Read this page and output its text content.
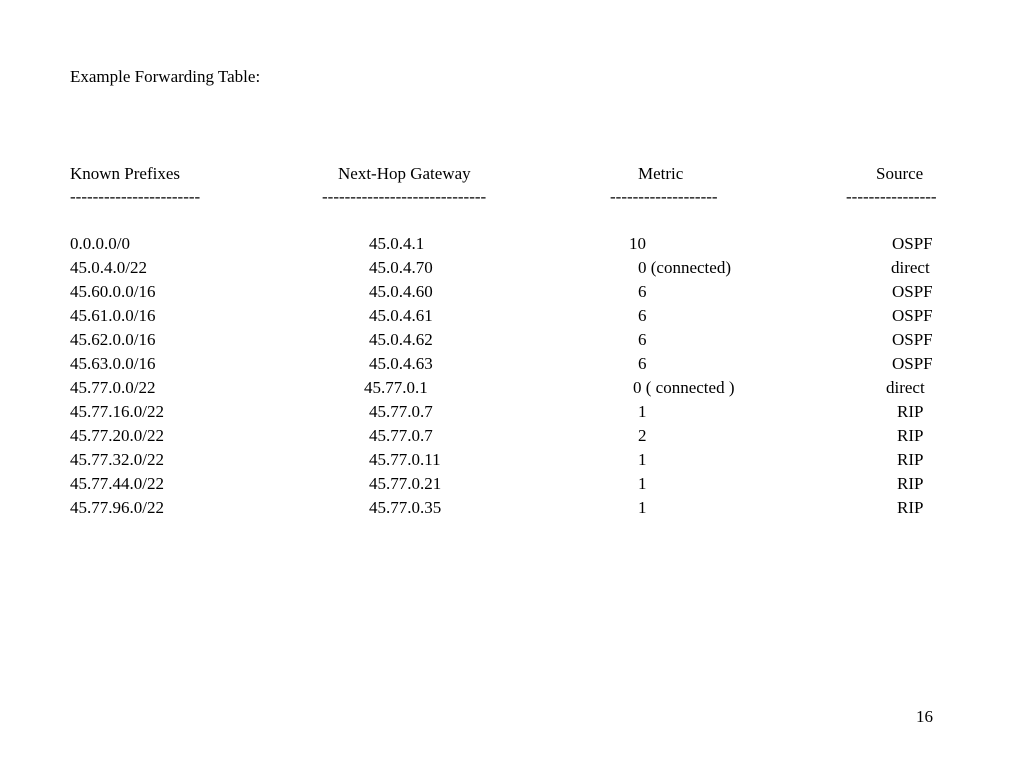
Example Forwarding Table:
Known Prefixes	Next-Hop Gateway	Metric	Source
-----------------------	-----------------------------	-------------------	----------------
16
0.0.0.0/0	45.0.4.1	10	OSPF
45.0.4.0/22	45.0.4.70	0 (connected)	direct
45.60.0.0/16	45.0.4.60	6	OSPF
45.61.0.0/16	45.0.4.61	6	OSPF
45.62.0.0/16	45.0.4.62	6	OSPF
45.63.0.0/16	45.0.4.63	6	OSPF
45.77.0.0/22	45.77.0.1	0 ( connected )	direct
45.77.16.0/22	45.77.0.7	1	RIP
45.77.20.0/22	45.77.0.7	2	RIP
45.77.32.0/22	45.77.0.11	1	RIP
45.77.44.0/22	45.77.0.21	1	RIP
45.77.96.0/22	45.77.0.35	1	RIP
